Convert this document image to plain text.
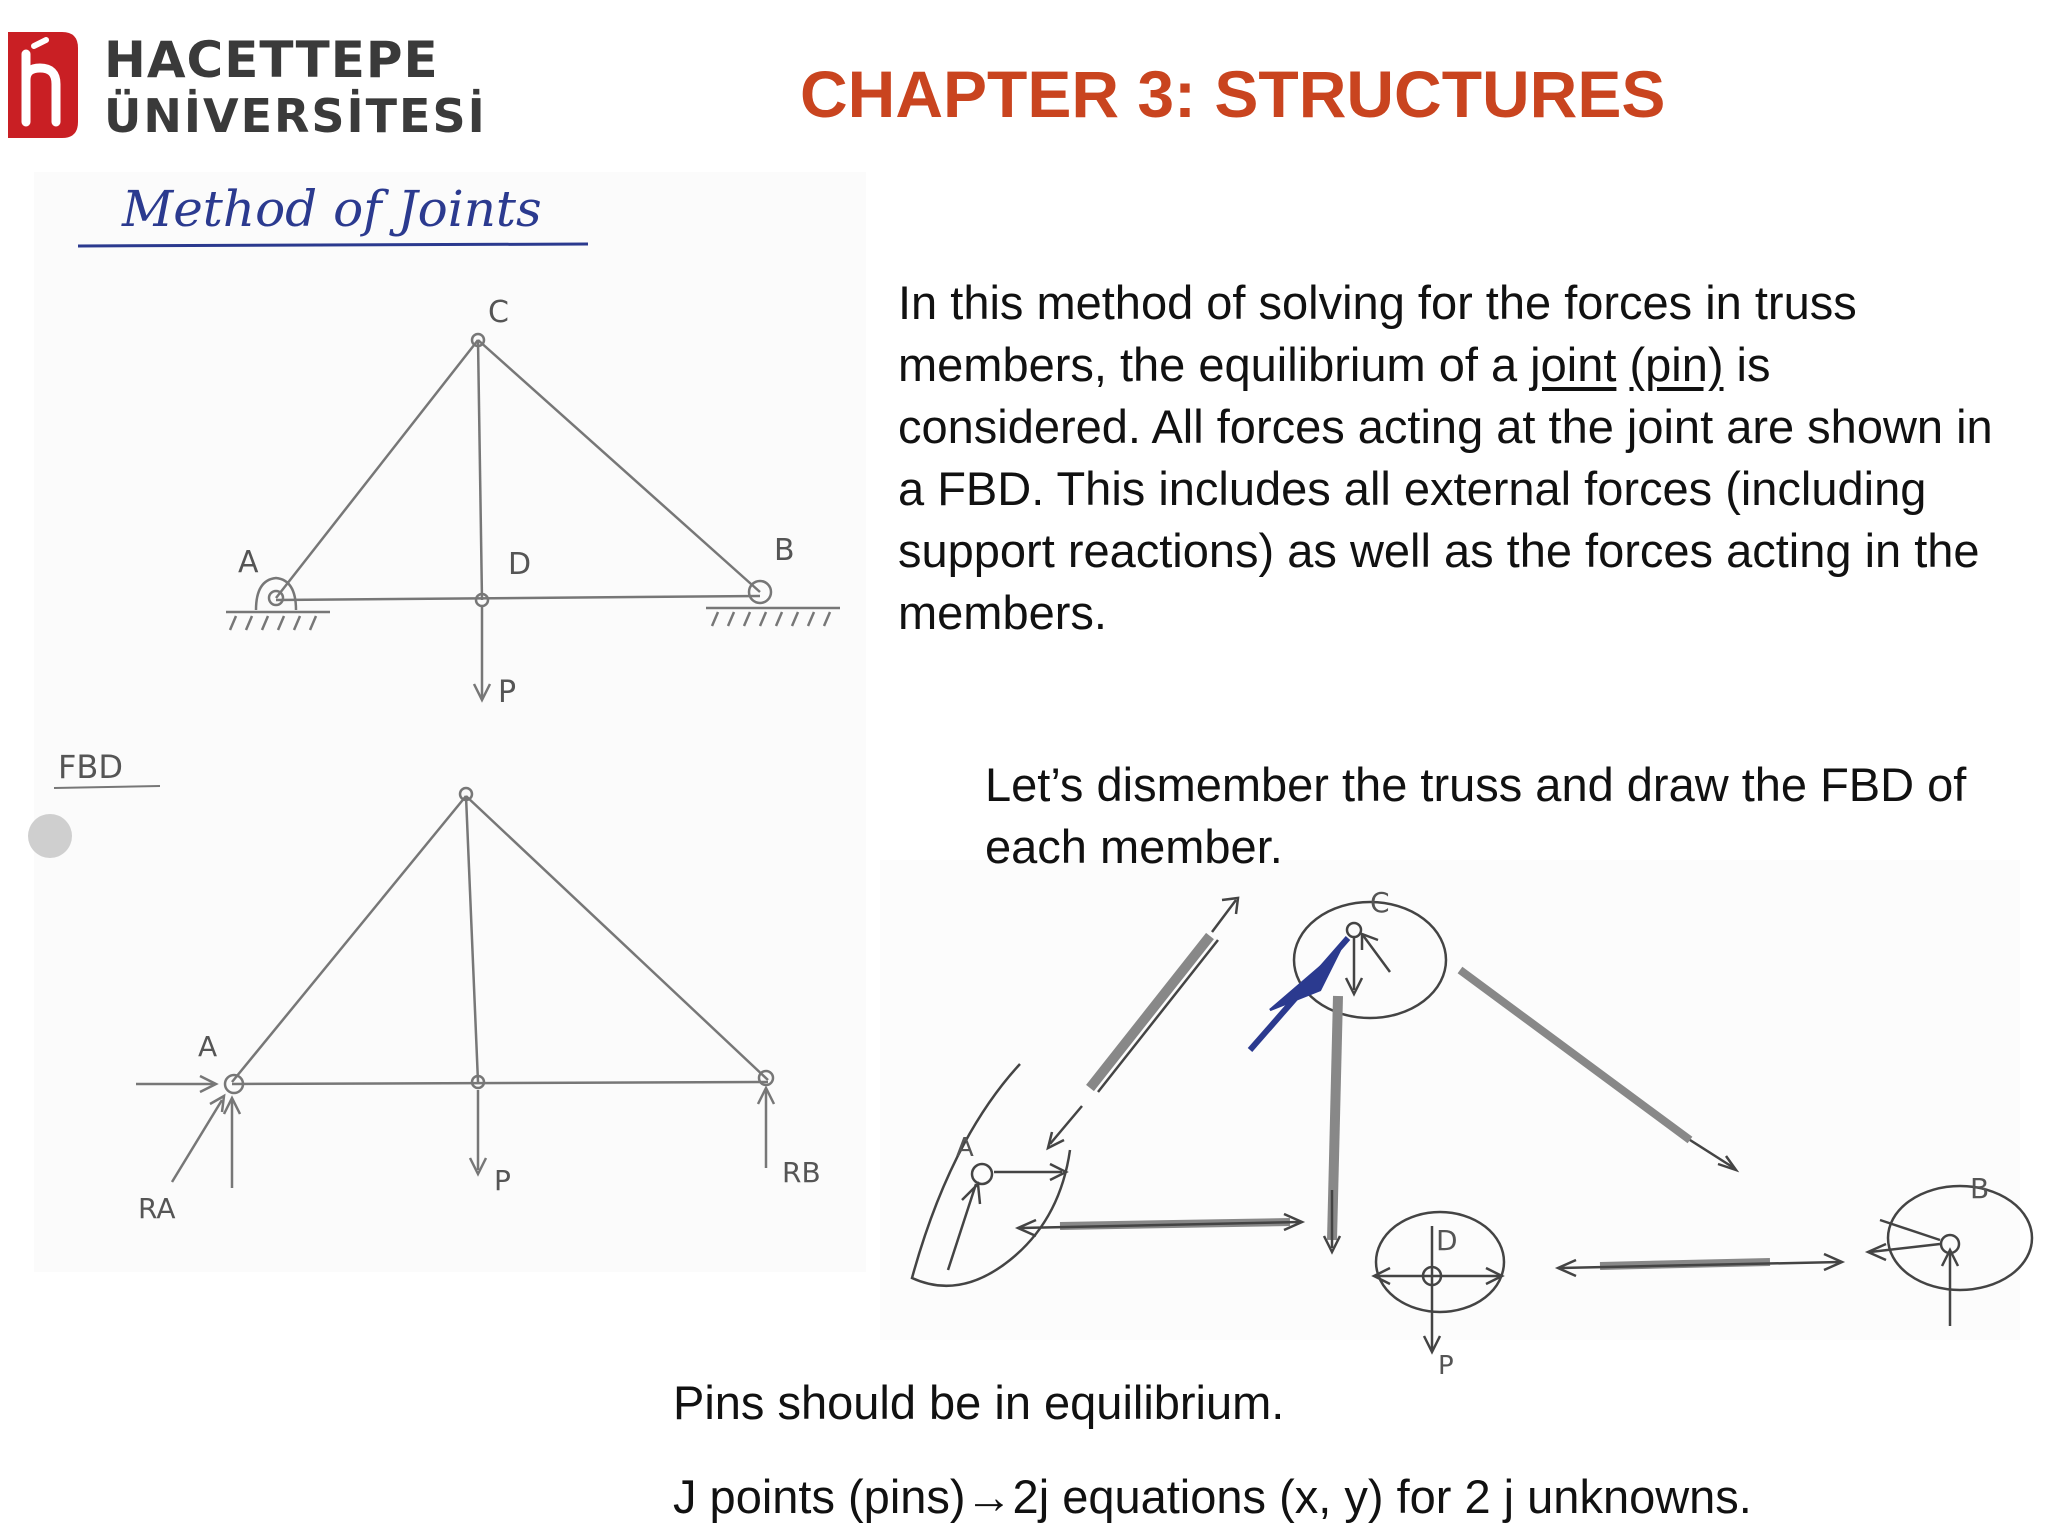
HACETTEPE

ÜNİVERSİTESİ	CHAPTER 3: STRUCTURES
Method of Joints
C
A	D	B
P
FBD
A
P
RA
RB
C
A
D
B
P

In this method of solving for the forces in truss members, the equilibrium of a joint (pin) is considered. All forces acting at the joint are shown in a FBD. This includes all external forces (including support reactions) as well as the forces acting in the members.

Let’s dismember the truss and draw the FBD of each member.

Pins should be in equilibrium.

J points (pins)→2j equations (x, y) for 2 j unknowns.
